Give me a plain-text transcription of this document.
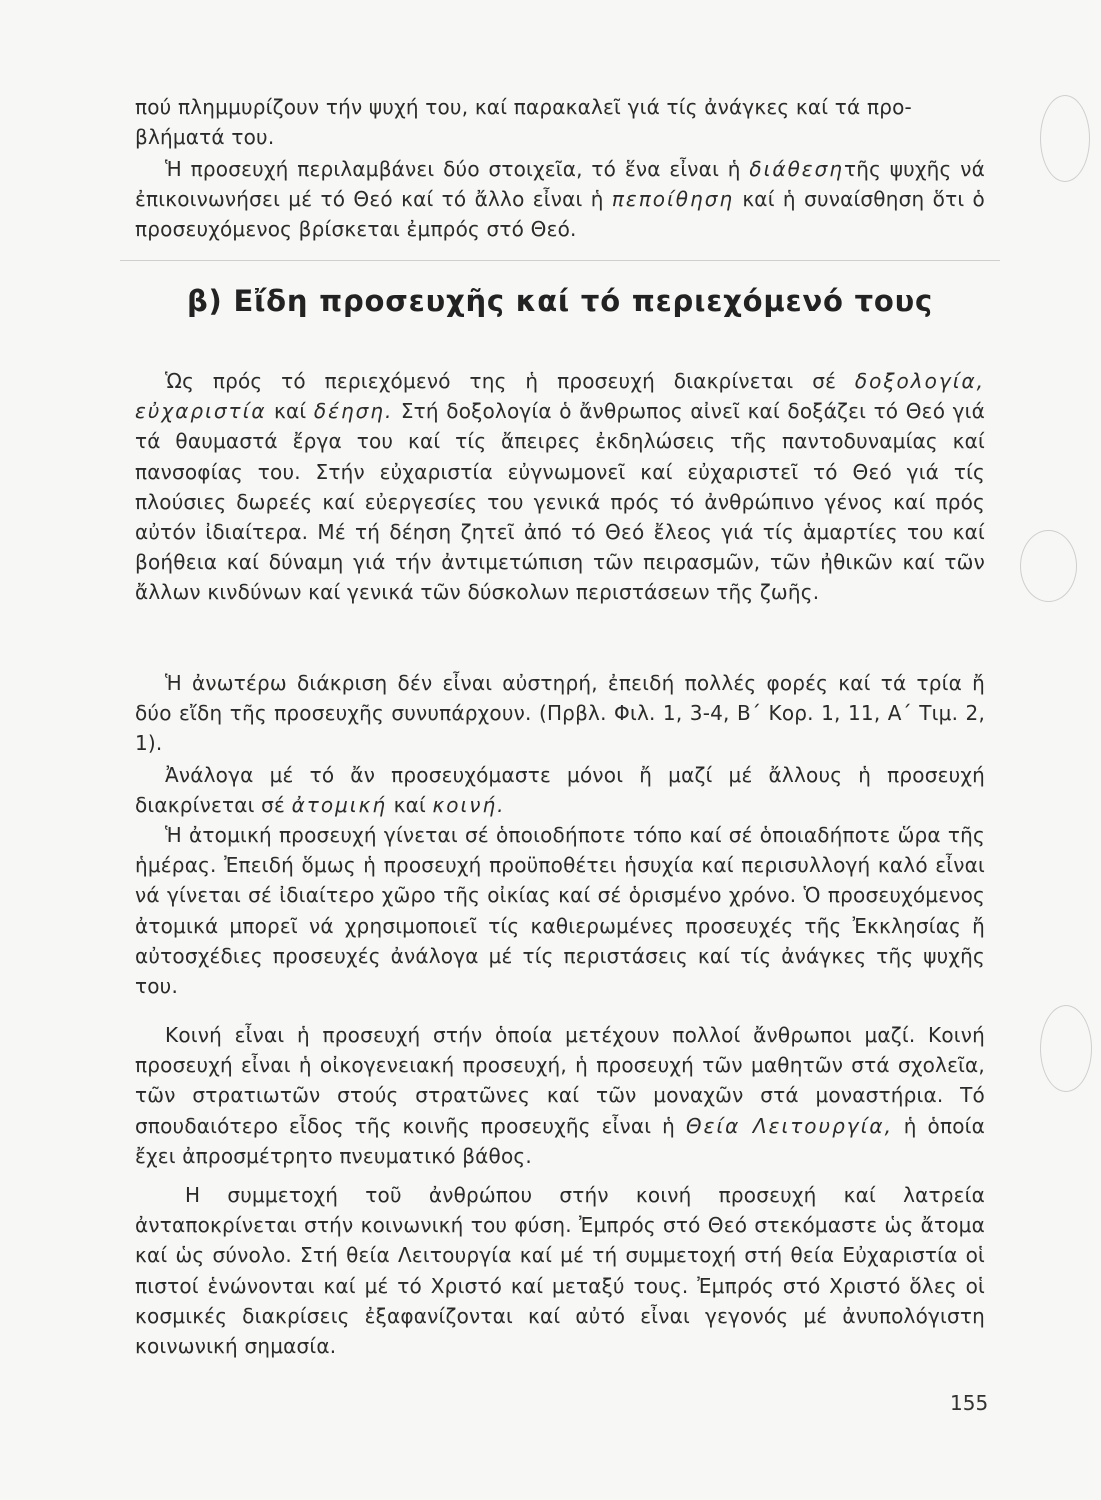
πού πλημμυρίζουν τήν ψυχή του, καί παρακαλεῖ γιά τίς ἀνάγκες καί τά προ-
βλήματά του.

Ἡ προσευχή περιλαμβάνει δύο στοιχεῖα, τό ἕνα εἶναι ἡ διάθεσητῆς ψυχῆς νά ἐπικοινωνήσει μέ τό Θεό καί τό ἄλλο εἶναι ἡ πεποίθηση καί ἡ συναίσθηση ὅτι ὁ προσευχόμενος βρίσκεται ἐμπρός στό Θεό.

β) Εἴδη προσευχῆς καί τό περιεχόμενό τους

Ὡς πρός τό περιεχόμενό της ἡ προσευχή διακρίνεται σέ δοξολογία, εὐχαριστία καί δέηση. Στή δοξολογία ὁ ἄνθρωπος αἰνεῖ καί δοξάζει τό Θεό γιά τά θαυμαστά ἔργα του καί τίς ἄπειρες ἐκδηλώσεις τῆς παντοδυναμίας καί πανσοφίας του. Στήν εὐχαριστία εὐγνωμονεῖ καί εὐχαριστεῖ τό Θεό γιά τίς πλούσιες δωρεές καί εὐεργεσίες του γενικά πρός τό ἀνθρώπινο γένος καί πρός αὐτόν ἰδιαίτερα. Μέ τή δέηση ζητεῖ ἀπό τό Θεό ἔλεος γιά τίς ἁμαρτίες του καί βοήθεια καί δύναμη γιά τήν ἀντιμετώπιση τῶν πειρασμῶν, τῶν ἠθικῶν καί τῶν ἄλλων κινδύνων καί γενικά τῶν δύσκολων περιστάσεων τῆς ζωῆς.

Ἡ ἀνωτέρω διάκριση δέν εἶναι αὐστηρή, ἐπειδή πολλές φορές καί τά τρία ἤ δύο εἴδη τῆς προσευχῆς συνυπάρχουν. (Πρβλ. Φιλ. 1, 3-4, Β΄ Κορ. 1, 11, Α΄ Τιμ. 2, 1).

Ἀνάλογα μέ τό ἄν προσευχόμαστε μόνοι ἤ μαζί μέ ἄλλους ἡ προσευχή διακρίνεται σέ ἀτομική καί κοινή.

Ἡ ἀτομική προσευχή γίνεται σέ ὁποιοδήποτε τόπο καί σέ ὁποιαδήποτε ὥρα τῆς ἡμέρας. Ἐπειδή ὅμως ἡ προσευχή προϋποθέτει ἡσυχία καί περισυλλογή καλό εἶναι νά γίνεται σέ ἰδιαίτερο χῶρο τῆς οἰκίας καί σέ ὁρισμένο χρόνο. Ὁ προσευχόμενος ἀτομικά μπορεῖ νά χρησιμοποιεῖ τίς καθιερωμένες προσευχές τῆς Ἐκκλησίας ἤ αὐτοσχέδιες προσευχές ἀνάλογα μέ τίς περιστάσεις καί τίς ἀνάγκες τῆς ψυχῆς του.

Κοινή εἶναι ἡ προσευχή στήν ὁποία μετέχουν πολλοί ἄνθρωποι μαζί. Κοινή προσευχή εἶναι ἡ οἰκογενειακή προσευχή, ἡ προσευχή τῶν μαθητῶν στά σχολεῖα, τῶν στρατιωτῶν στούς στρατῶνες καί τῶν μοναχῶν στά μοναστήρια. Τό σπουδαιότερο εἶδος τῆς κοινῆς προσευχῆς εἶναι ἡ Θεία Λειτουργία, ἡ ὁποία ἔχει ἀπροσμέτρητο πνευματικό βάθος.

Η συμμετοχή τοῦ ἀνθρώπου στήν κοινή προσευχή καί λατρεία ἀνταποκρίνεται στήν κοινωνική του φύση. Ἐμπρός στό Θεό στεκόμαστε ὡς ἄτομα καί ὡς σύνολο. Στή θεία Λειτουργία καί μέ τή συμμετοχή στή θεία Εὐχαριστία οἱ πιστοί ἑνώνονται καί μέ τό Χριστό καί μεταξύ τους. Ἐμπρός στό Χριστό ὅλες οἱ κοσμικές διακρίσεις ἐξαφανίζονται καί αὐτό εἶναι γεγονός μέ ἀνυπολόγιστη κοινωνική σημασία.

155
